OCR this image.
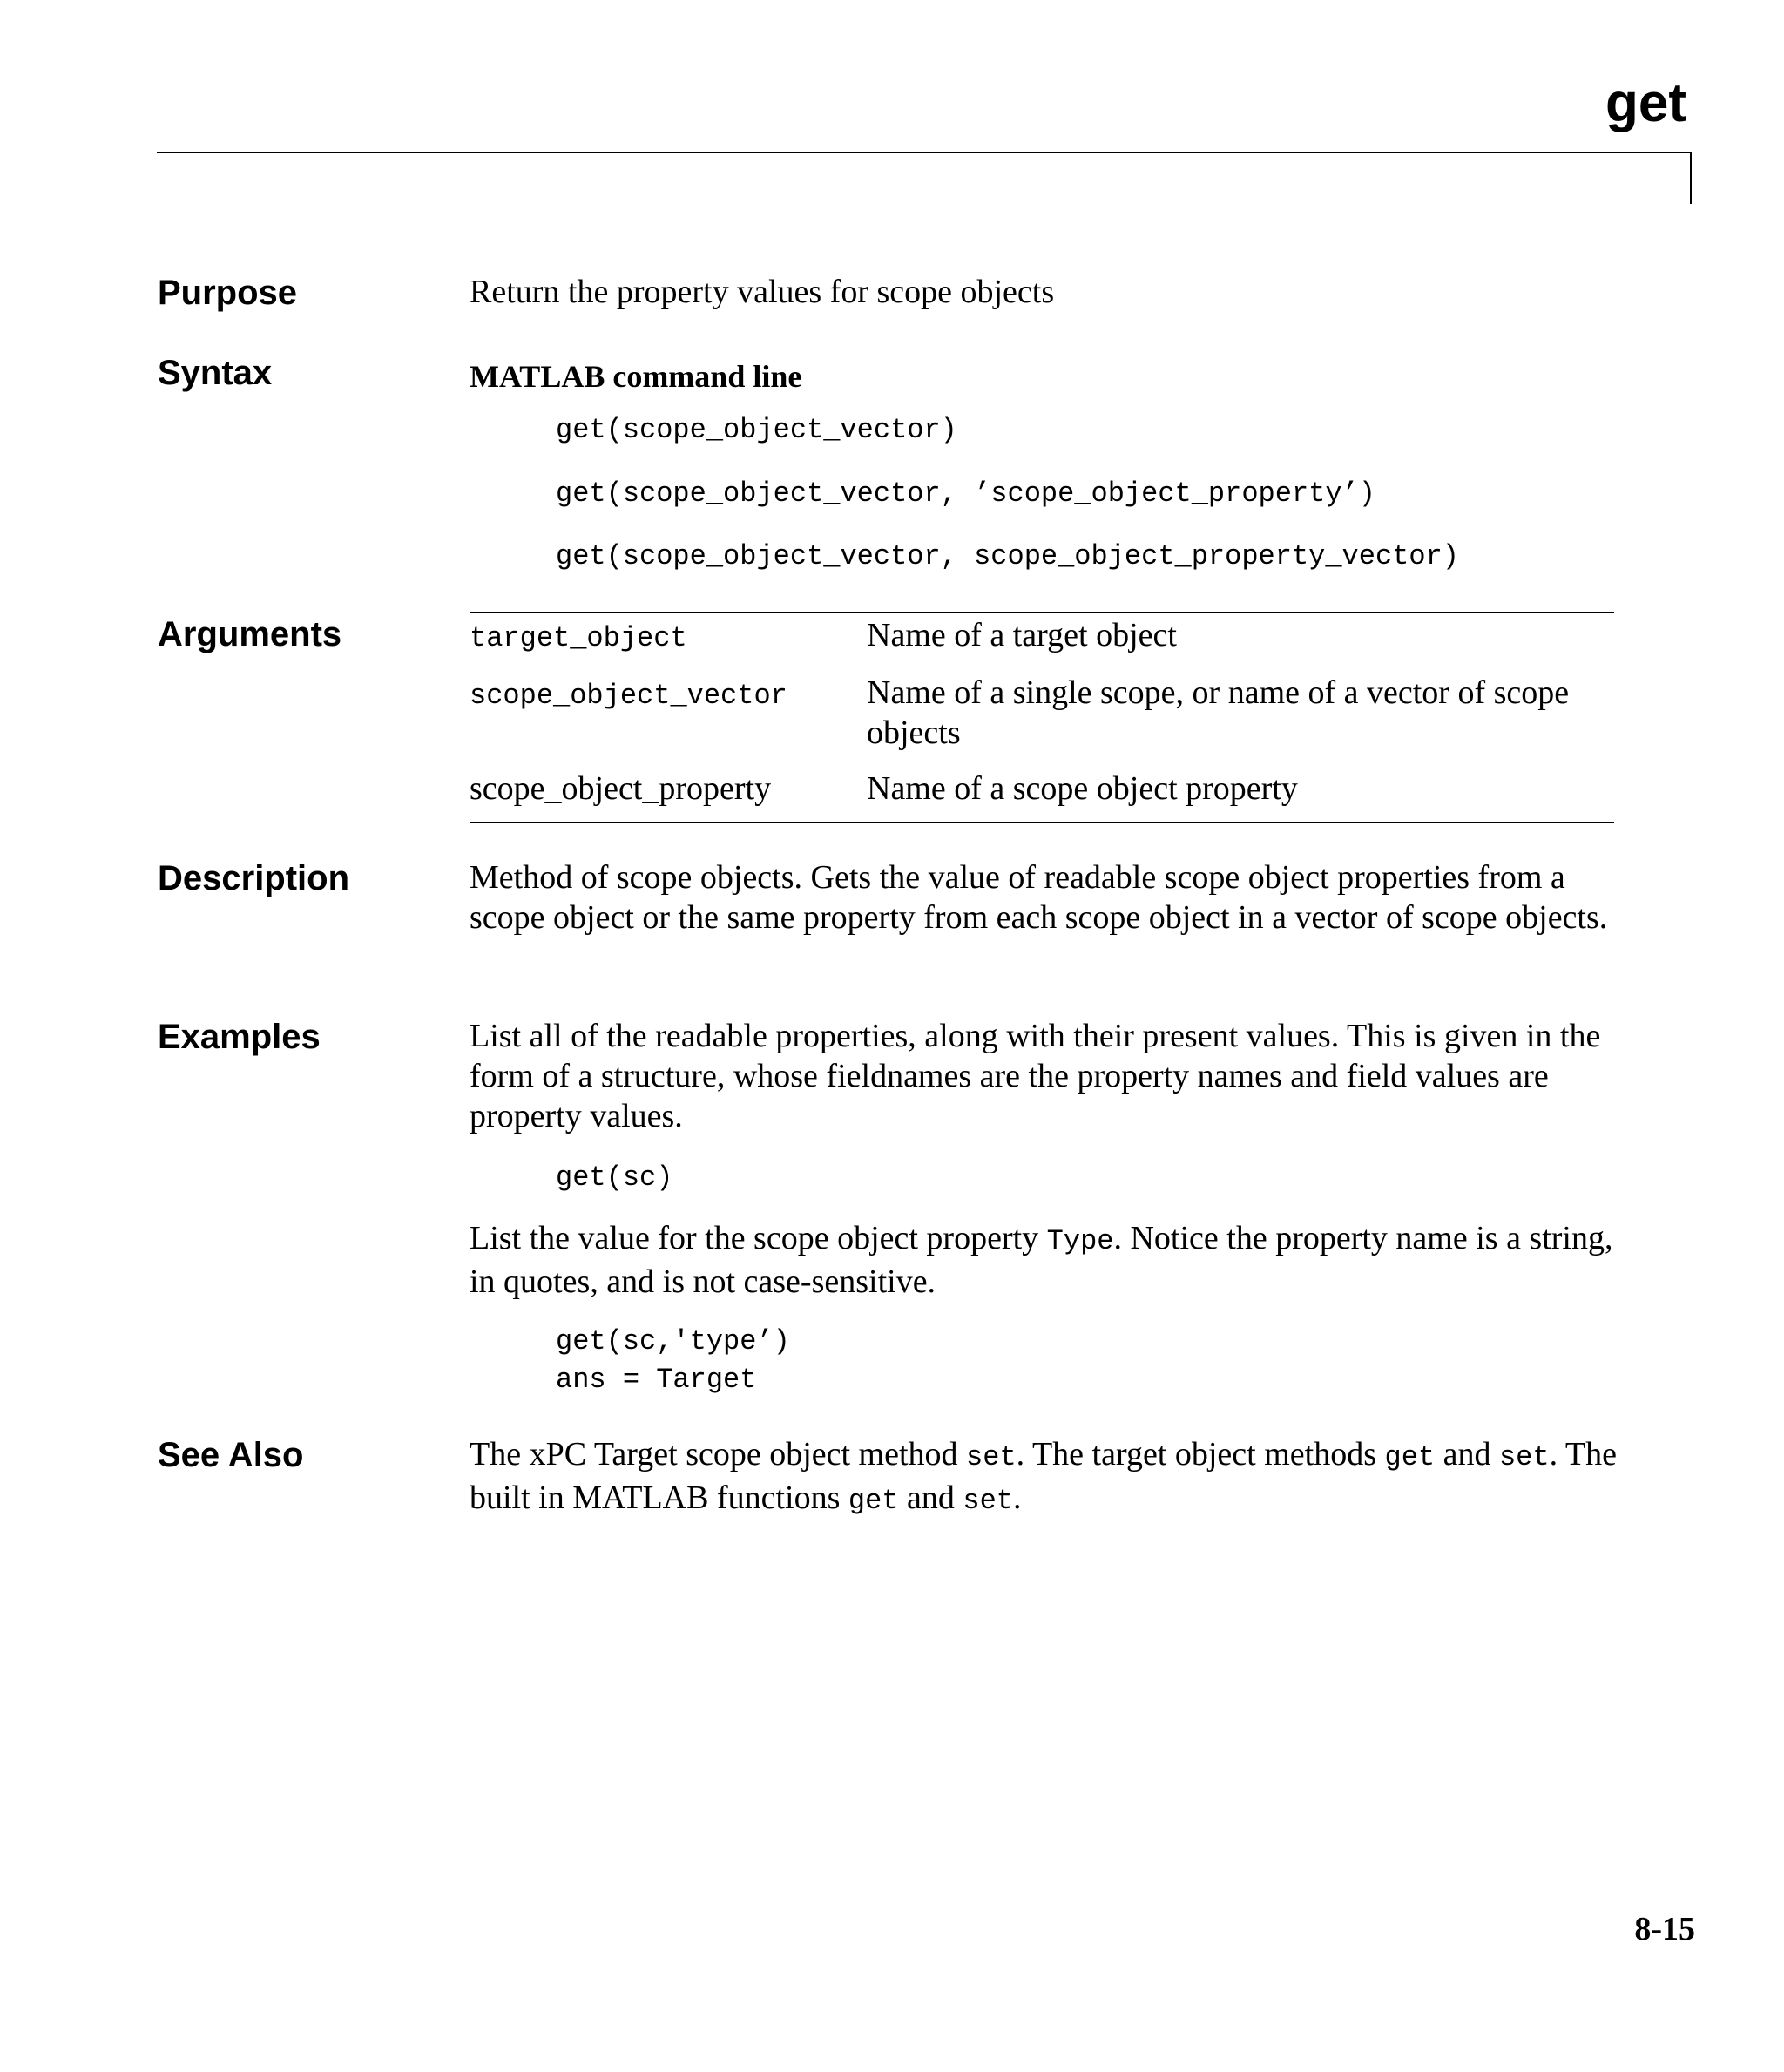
get
Purpose	Return the property values for scope objects
Syntax	MATLAB command line
get(scope_object_vector)
get(scope_object_vector, ’scope_object_property’)
get(scope_object_vector, scope_object_property_vector)
Arguments	target_object	Name of a target object
scope_object_vector Name of a single scope, or name of a vector of scope objects
scope_object_property	Name of a scope object property
Description	Method of scope objects. Gets the value of readable scope object properties from a scope object or the same property from each scope object in a vector of scope objects.
Examples	List all of the readable properties, along with their present values. This is given in the form of a structure, whose fieldnames are the property names and field values are property values.
get(sc)
List the value for the scope object property Type. Notice the property name is a string, in quotes, and is not case-sensitive.
get(sc,'type’)
ans = Target
See Also	The xPC Target scope object method set. The target object methods get and set. The built in MATLAB functions get and set.
8-15
